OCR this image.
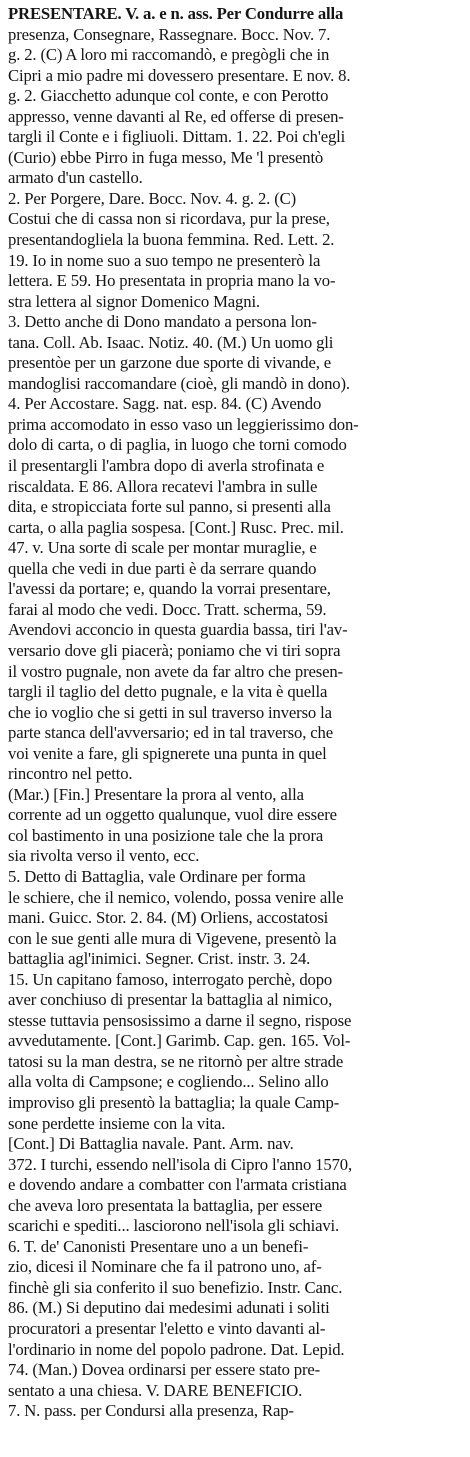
PRESENTARE. V. a. e n. ass. Per Condurre alla
presenza, Consegnare, Rassegnare. Bocc. Nov. 7.
g. 2. (C) A loro mi raccomandò, e pregògli che in
Cipri a mio padre mi dovessero presentare. E nov. 8.
g. 2. Giacchetto adunque col conte, e con Perotto
appresso, venne davanti al Re, ed offerse di presen-
targli il Conte e i figliuoli. Dittam. 1. 22. Poi ch'egli
(Curio) ebbe Pirro in fuga messo, Me 'l presentò
armato d'un castello.
2. Per Porgere, Dare. Bocc. Nov. 4. g. 2. (C)
Costui che di cassa non si ricordava, pur la prese,
presentandogliela la buona femmina. Red. Lett. 2.
19. Io in nome suo a suo tempo ne presenterò la
lettera. E 59. Ho presentata in propria mano la vo-
stra lettera al signor Domenico Magni.
3. Detto anche di Dono mandato a persona lon-
tana. Coll. Ab. Isaac. Notiz. 40. (M.) Un uomo gli
presentòe per un garzone due sporte di vivande, e
mandoglisi raccomandare (cioè, gli mandò in dono).
4. Per Accostare. Sagg. nat. esp. 84. (C) Avendo
prima accomodato in esso vaso un leggierissimo don-
dolo di carta, o di paglia, in luogo che torni comodo
il presentargli l'ambra dopo di averla strofinata e
riscaldata. E 86. Allora recatevi l'ambra in sulle
dita, e stropicciata forte sul panno, si presenti alla
carta, o alla paglia sospesa. [Cont.] Rusc. Prec. mil.
47. v. Una sorte di scale per montar muraglie, e
quella che vedi in due parti è da serrare quando
l'avessi da portare; e, quando la vorrai presentare,
farai al modo che vedi. Docc. Tratt. scherma, 59.
Avendovi acconcio in questa guardia bassa, tiri l'av-
versario dove gli piacerà; poniamo che vi tiri sopra
il vostro pugnale, non avete da far altro che presen-
targli il taglio del detto pugnale, e la vita è quella
che io voglio che si getti in sul traverso inverso la
parte stanca dell'avversario; ed in tal traverso, che
voi venite a fare, gli spignerete una punta in quel
rincontro nel petto.
(Mar.) [Fin.] Presentare la prora al vento, alla
corrente ad un oggetto qualunque, vuol dire essere
col bastimento in una posizione tale che la prora
sia rivolta verso il vento, ecc.
5. Detto di Battaglia, vale Ordinare per forma
le schiere, che il nemico, volendo, possa venire alle
mani. Guicc. Stor. 2. 84. (M) Orliens, accostatosi
con le sue genti alle mura di Vigevene, presentò la
battaglia agl'inimici. Segner. Crist. instr. 3. 24.
15. Un capitano famoso, interrogato perchè, dopo
aver conchiuso di presentar la battaglia al nimico,
stesse tuttavia pensosissimo a darne il segno, rispose
avvedutamente. [Cont.] Garimb. Cap. gen. 165. Vol-
tatosi su la man destra, se ne ritornò per altre strade
alla volta di Campsone; e cogliendo... Selino allo
improviso gli presentò la battaglia; la quale Camp-
sone perdette insieme con la vita.
[Cont.] Di Battaglia navale. Pant. Arm. nav.
372. I turchi, essendo nell'isola di Cipro l'anno 1570,
e dovendo andare a combatter con l'armata cristiana
che aveva loro presentata la battaglia, per essere
scarichi e spediti... lasciorono nell'isola gli schiavi.
6. T. de' Canonisti Presentare uno a un benefi-
zio, dicesi il Nominare che fa il patrono uno, af-
finchè gli sia conferito il suo benefizio. Instr. Canc.
86. (M.) Si deputino dai medesimi adunati i soliti
procuratori a presentar l'eletto e vinto davanti al-
l'ordinario in nome del popolo padrone. Dat. Lepid.
74. (Man.) Dovea ordinarsi per essere stato pre-
sentato a una chiesa. V. DARE BENEFICIO.
7. N. pass. per Condursi alla presenza, Rap-
